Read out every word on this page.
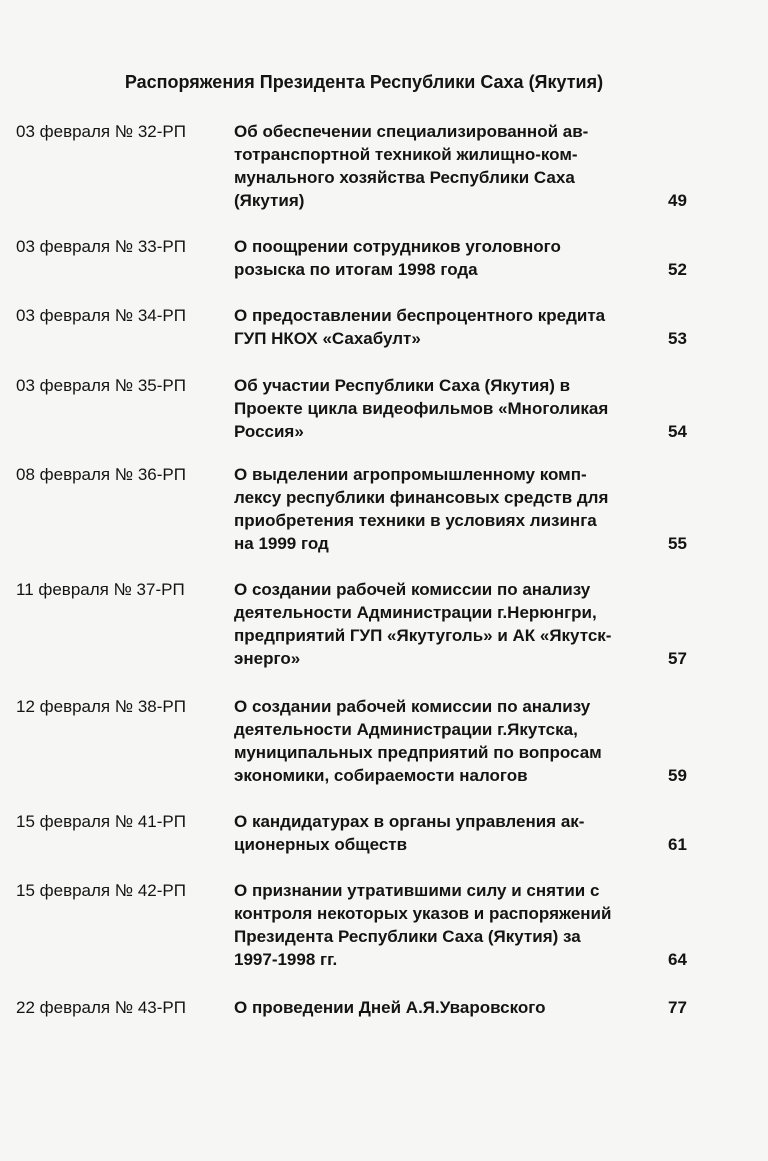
Распоряжения Президента Республики Саха (Якутия)
03 февраля № 32-РП	Об обеспечении специализированной ав-
тотранспортной техникой жилищно-ком-
мунального хозяйства Республики Саха
(Якутия)	49
03 февраля № 33-РП	О поощрении сотрудников уголовного
розыска по итогам 1998 года	52
03 февраля № 34-РП	О предоставлении беспроцентного кредита
ГУП НКОХ «Сахабулт»	53
03 февраля № 35-РП	Об участии Республики Саха (Якутия) в
Проекте цикла видеофильмов «Многоликая
Россия»	54
08 февраля № 36-РП	О выделении агропромышленному комп-
лексу республики финансовых средств для
приобретения техники в условиях лизинга
на 1999 год	55
11 февраля № 37-РП	О создании рабочей комиссии по анализу
деятельности Администрации г.Нерюнгри,
предприятий ГУП «Якутуголь» и АК «Якутск-
энерго»	57
12 февраля № 38-РП	О создании рабочей комиссии по анализу
деятельности Администрации г.Якутска,
муниципальных предприятий по вопросам
экономики, собираемости налогов	59
15 февраля № 41-РП	О кандидатурах в органы управления ак-
ционерных обществ	61
15 февраля № 42-РП	О признании утратившими силу и снятии с
контроля некоторых указов и распоряжений
Президента Республики Саха (Якутия) за
1997-1998 гг.	64
22 февраля № 43-РП	О проведении Дней А.Я.Уваровского	77
